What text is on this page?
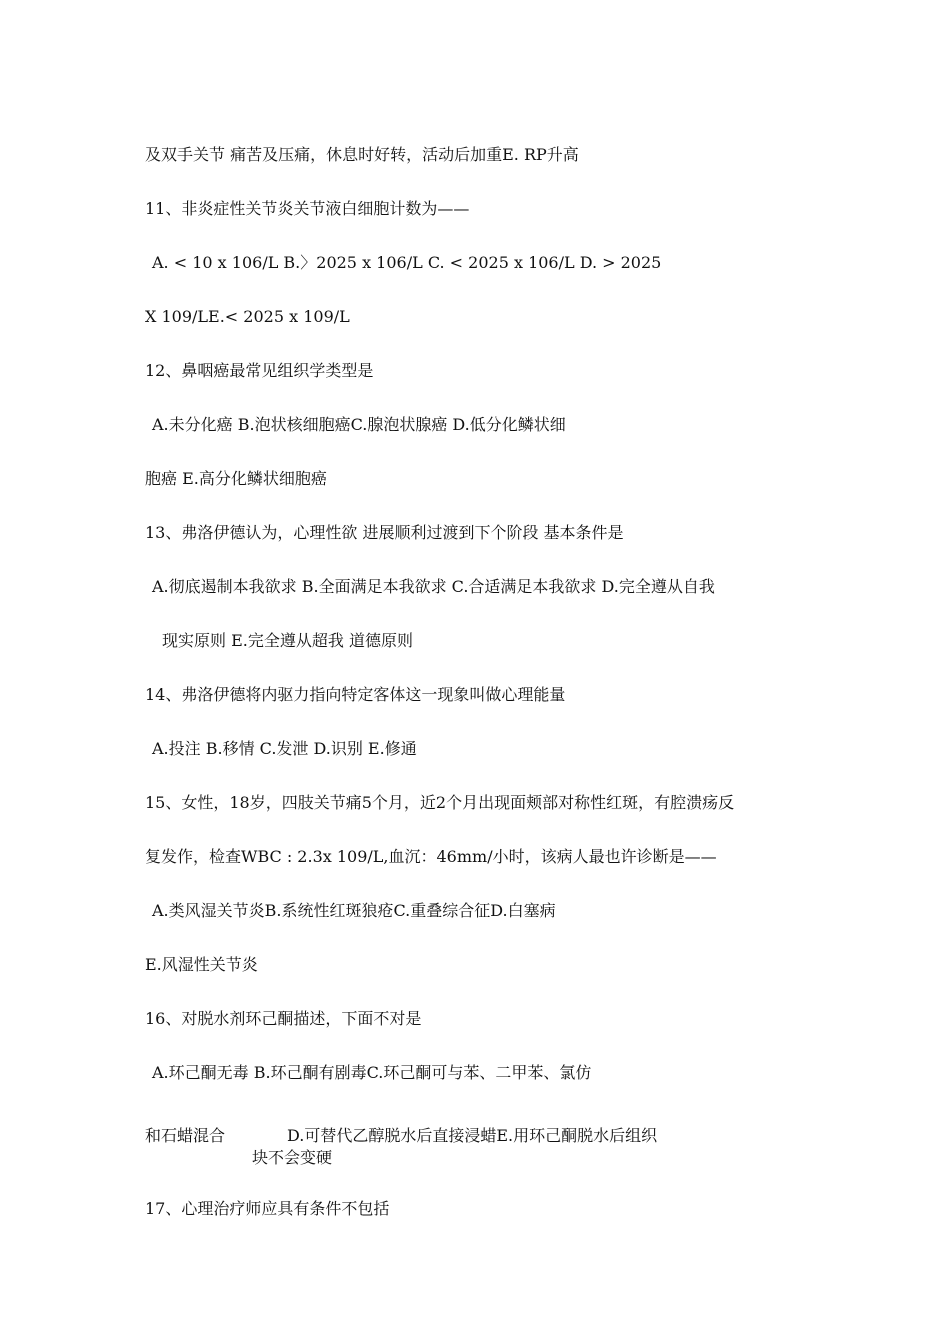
及双手关节 痛苦及压痛，休息时好转，活动后加重E. RP升高
11、非炎症性关节炎关节液白细胞计数为——
A. < 10 x 106/L B.〉2025 x 106/L C. < 2025 x 106/L D. > 2025
X 109/LE.< 2025 x 109/L
12、鼻咽癌最常见组织学类型是
A.未分化癌 B.泡状核细胞癌C.腺泡状腺癌 D.低分化鳞状细
胞癌 E.高分化鳞状细胞癌
13、弗洛伊德认为，心理性欲 进展顺利过渡到下个阶段 基本条件是
A.彻底遏制本我欲求 B.全面满足本我欲求 C.合适满足本我欲求 D.完全遵从自我
现实原则 E.完全遵从超我 道德原则
14、弗洛伊德将内驱力指向特定客体这一现象叫做心理能量
A.投注 B.移情 C.发泄 D.识别 E.修通
15、女性，18岁，四肢关节痛5个月，近2个月出现面颊部对称性红斑，有腔溃疡反
复发作，检查WBC : 2.3x 109/L,血沉：46mm/小时，该病人最也许诊断是——
A.类风湿关节炎B.系统性红斑狼疮C.重叠综合征D.白塞病
E.风湿性关节炎
16、对脱水剂环己酮描述，下面不对是
A.环己酮无毒 B.环己酮有剧毒C.环己酮可与苯、二甲苯、氯仿
和石蜡混合	D.可替代乙醇脱水后直接浸蜡E.用环己酮脱水后组织
块不会变硬
17、心理治疗师应具有条件不包括
